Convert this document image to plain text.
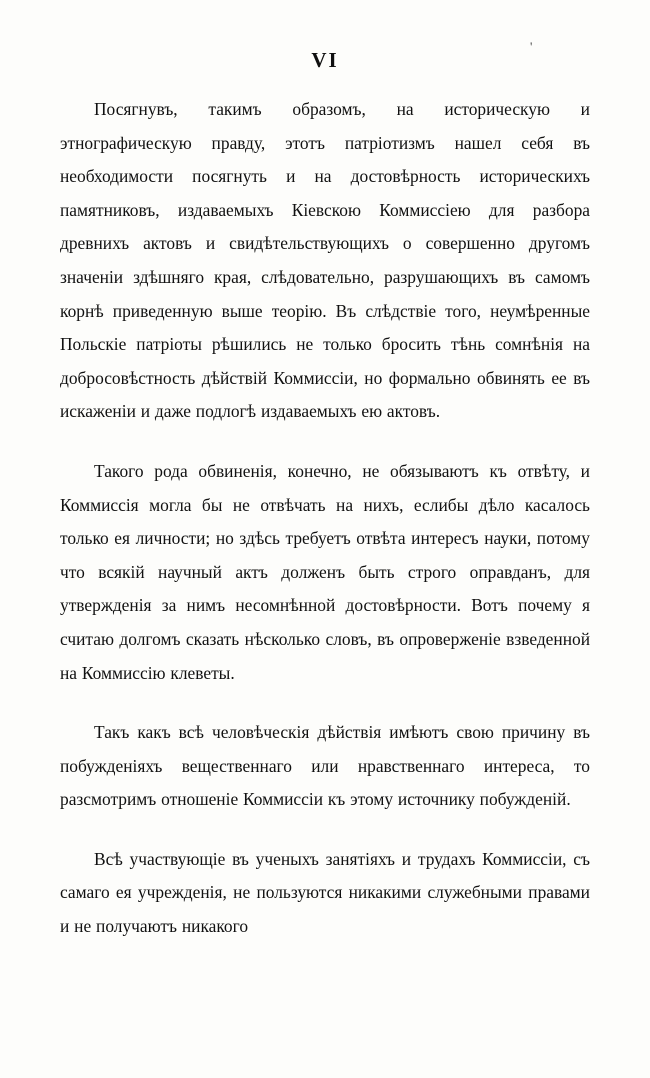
'
VI

Посягнувъ, такимъ образомъ, на историческую и этнографическую правду, этотъ патріотизмъ нашел себя въ необходимости посягнуть и на достовѣрность историческихъ памятниковъ, издаваемыхъ Кіевскою Коммиссіею для разбора древнихъ актовъ и свидѣтельствующихъ о совершенно другомъ значеніи здѣшняго края, слѣдовательно, разрушающихъ въ самомъ корнѣ приведенную выше теорію. Въ слѣдствіе того, неумѣренные Польскіе патріоты рѣшились не только бросить тѣнь сомнѣнія на добросовѣстность дѣйствій Коммиссіи, но формально обвинять ее въ искаженіи и даже подлогѣ издаваемыхъ ею актовъ.

Такого рода обвиненія, конечно, не обязываютъ къ отвѣту, и Коммиссія могла бы не отвѣчать на нихъ, еслибы дѣло касалось только ея личности; но здѣсь требуетъ отвѣта интересъ науки, потому что всякій научный актъ долженъ быть строго оправданъ, для утвержденія за нимъ несомнѣнной достовѣрности. Вотъ почему я считаю долгомъ сказать нѣсколько словъ, въ опроверженіе взведенной на Коммиссію клеветы.

Такъ какъ всѣ человѣческія дѣйствія имѣютъ свою причину въ побужденіяхъ вещественнаго или нравственнаго интереса, то разсмотримъ отношеніе Коммиссіи къ этому источнику побужденій.

Всѣ участвующіе въ ученыхъ занятіяхъ и трудахъ Коммиссіи, съ самаго ея учрежденія, не пользуются никакими служебными правами и не получаютъ никакого
